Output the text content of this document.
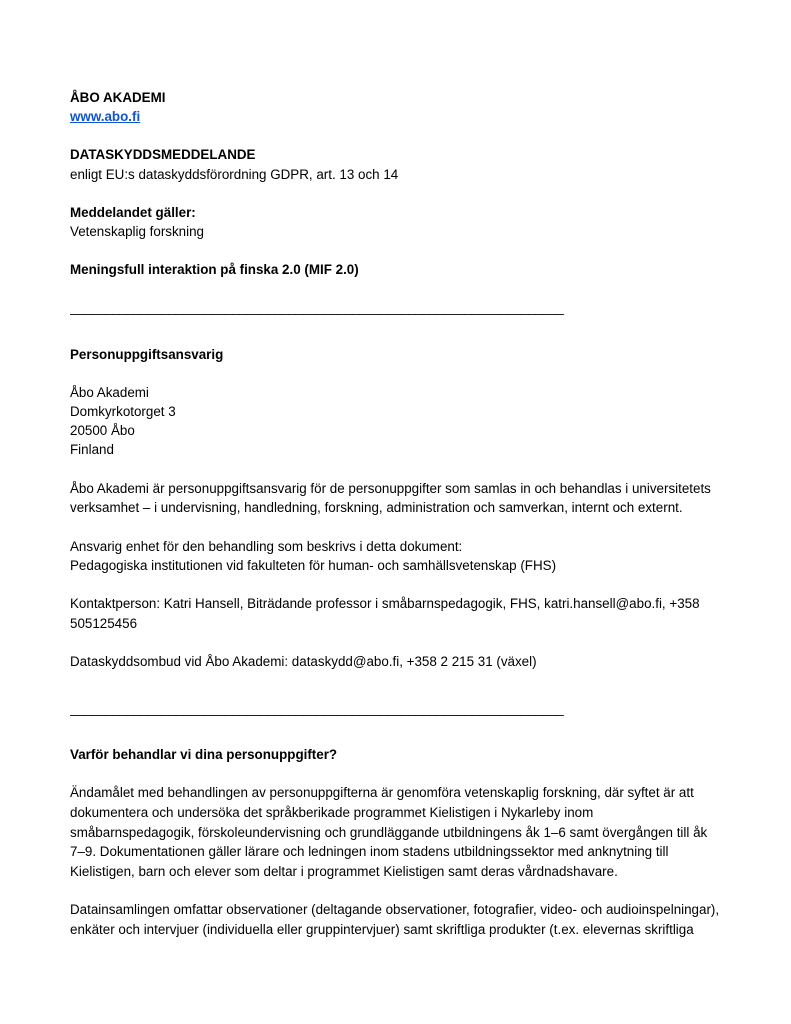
ÅBO AKADEMI
www.abo.fi
DATASKYDDSMEDDELANDE
enligt EU:s dataskyddsförordning GDPR, art. 13 och 14
Meddelandet gäller:
Vetenskaplig forskning
Meningsfull interaktion på finska 2.0 (MIF 2.0)
______________________________________________________________________
Personuppgiftsansvarig
Åbo Akademi
Domkyrkotorget 3
20500 Åbo
Finland
Åbo Akademi är personuppgiftsansvarig för de personuppgifter som samlas in och behandlas i universitetets verksamhet – i undervisning, handledning, forskning, administration och samverkan, internt och externt.
Ansvarig enhet för den behandling som beskrivs i detta dokument:
Pedagogiska institutionen vid fakulteten för human- och samhällsvetenskap (FHS)
Kontaktperson: Katri Hansell, Biträdande professor i småbarnspedagogik, FHS, katri.hansell@abo.fi, +358 505125456
Dataskyddsombud vid Åbo Akademi: dataskydd@abo.fi, +358 2 215 31 (växel)
______________________________________________________________________
Varför behandlar vi dina personuppgifter?
Ändamålet med behandlingen av personuppgifterna är genomföra vetenskaplig forskning, där syftet är att dokumentera och undersöka det språkberikade programmet Kielistigen i Nykarleby inom småbarnspedagogik, förskoleundervisning och grundläggande utbildningens åk 1–6 samt övergången till åk 7–9. Dokumentationen gäller lärare och ledningen inom stadens utbildningssektor med anknytning till Kielistigen, barn och elever som deltar i programmet Kielistigen samt deras vårdnadshavare.
Datainsamlingen omfattar observationer (deltagande observationer, fotografier, video- och audioinspelningar), enkäter och intervjuer (individuella eller gruppintervjuer) samt skriftliga produkter (t.ex. elevernas skriftliga
